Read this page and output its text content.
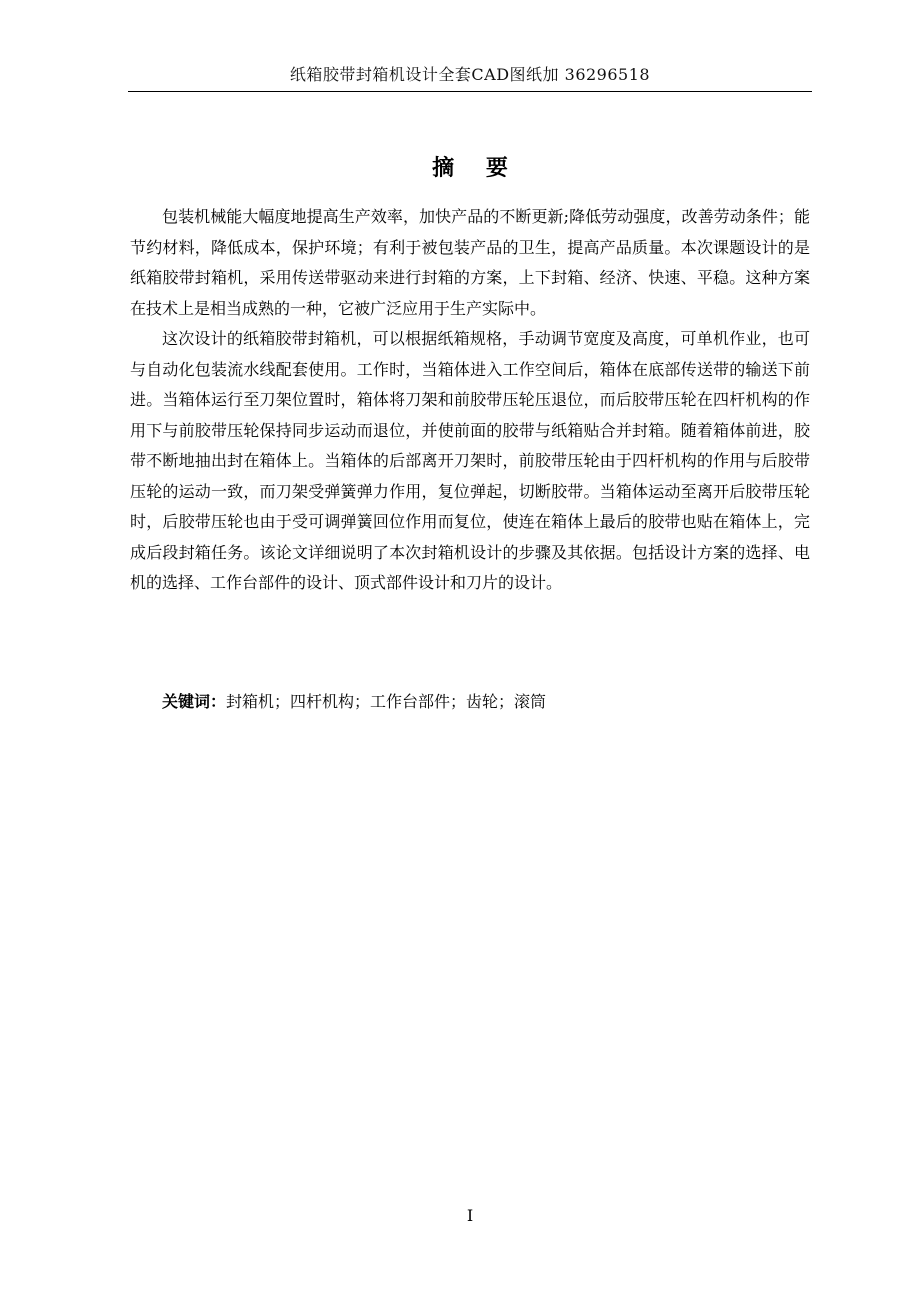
纸箱胶带封箱机设计全套CAD图纸加 36296518
摘 要

包装机械能大幅度地提高生产效率，加快产品的不断更新;降低劳动强度，改善劳动条件；能节约材料，降低成本，保护环境；有利于被包装产品的卫生，提高产品质量。本次课题设计的是纸箱胶带封箱机，采用传送带驱动来进行封箱的方案，上下封箱、经济、快速、平稳。这种方案在技术上是相当成熟的一种，它被广泛应用于生产实际中。

这次设计的纸箱胶带封箱机，可以根据纸箱规格，手动调节宽度及高度，可单机作业，也可与自动化包装流水线配套使用。工作时，当箱体进入工作空间后，箱体在底部传送带的输送下前进。当箱体运行至刀架位置时，箱体将刀架和前胶带压轮压退位，而后胶带压轮在四杆机构的作用下与前胶带压轮保持同步运动而退位，并使前面的胶带与纸箱贴合并封箱。随着箱体前进，胶带不断地抽出封在箱体上。当箱体的后部离开刀架时，前胶带压轮由于四杆机构的作用与后胶带压轮的运动一致，而刀架受弹簧弹力作用，复位弹起，切断胶带。当箱体运动至离开后胶带压轮时，后胶带压轮也由于受可调弹簧回位作用而复位，使连在箱体上最后的胶带也贴在箱体上，完成后段封箱任务。该论文详细说明了本次封箱机设计的步骤及其依据。包括设计方案的选择、电机的选择、工作台部件的设计、顶式部件设计和刀片的设计。

关键词：封箱机；四杆机构；工作台部件；齿轮；滚筒
I
